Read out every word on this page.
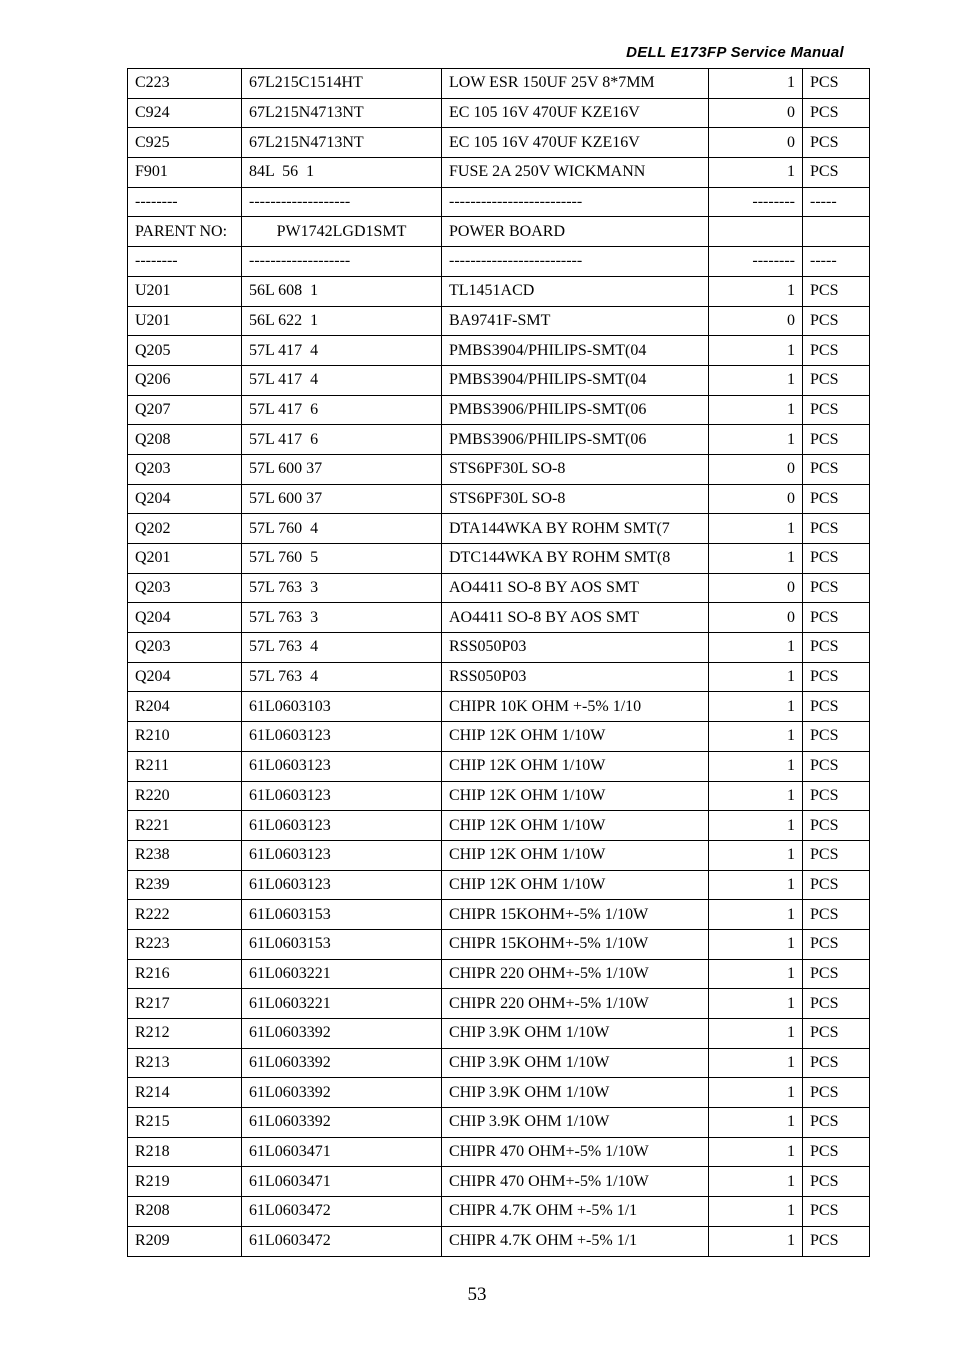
DELL E173FP Service Manual
C223	67L215C1514HT	LOW ESR 150UF 25V 8*7MM	1	PCS
C924	67L215N4713NT	EC 105 16V 470UF KZE16V	0	PCS
C925	67L215N4713NT	EC 105 16V 470UF KZE16V	0	PCS
F901	84L  56  1	FUSE 2A 250V WICKMANN	1	PCS
--------	-------------------	-------------------------	--------	-----
PARENT NO:	PW1742LGD1SMT	POWER BOARD		
--------	-------------------	-------------------------	--------	-----
U201	56L 608  1	TL1451ACD	1	PCS
U201	56L 622  1	BA9741F-SMT	0	PCS
Q205	57L 417  4	PMBS3904/PHILIPS-SMT(04	1	PCS
Q206	57L 417  4	PMBS3904/PHILIPS-SMT(04	1	PCS
Q207	57L 417  6	PMBS3906/PHILIPS-SMT(06	1	PCS
Q208	57L 417  6	PMBS3906/PHILIPS-SMT(06	1	PCS
Q203	57L 600 37	STS6PF30L SO-8	0	PCS
Q204	57L 600 37	STS6PF30L SO-8	0	PCS
Q202	57L 760  4	DTA144WKA BY ROHM SMT(7	1	PCS
Q201	57L 760  5	DTC144WKA BY ROHM SMT(8	1	PCS
Q203	57L 763  3	AO4411 SO-8 BY AOS SMT	0	PCS
Q204	57L 763  3	AO4411 SO-8 BY AOS SMT	0	PCS
Q203	57L 763  4	RSS050P03	1	PCS
Q204	57L 763  4	RSS050P03	1	PCS
R204	61L0603103	CHIPR 10K OHM +-5% 1/10	1	PCS
R210	61L0603123	CHIP 12K OHM 1/10W	1	PCS
R211	61L0603123	CHIP 12K OHM 1/10W	1	PCS
R220	61L0603123	CHIP 12K OHM 1/10W	1	PCS
R221	61L0603123	CHIP 12K OHM 1/10W	1	PCS
R238	61L0603123	CHIP 12K OHM 1/10W	1	PCS
R239	61L0603123	CHIP 12K OHM 1/10W	1	PCS
R222	61L0603153	CHIPR 15KOHM+-5% 1/10W	1	PCS
R223	61L0603153	CHIPR 15KOHM+-5% 1/10W	1	PCS
R216	61L0603221	CHIPR 220 OHM+-5% 1/10W	1	PCS
R217	61L0603221	CHIPR 220 OHM+-5% 1/10W	1	PCS
R212	61L0603392	CHIP 3.9K OHM 1/10W	1	PCS
R213	61L0603392	CHIP 3.9K OHM 1/10W	1	PCS
R214	61L0603392	CHIP 3.9K OHM 1/10W	1	PCS
R215	61L0603392	CHIP 3.9K OHM 1/10W	1	PCS
R218	61L0603471	CHIPR 470 OHM+-5% 1/10W	1	PCS
R219	61L0603471	CHIPR 470 OHM+-5% 1/10W	1	PCS
R208	61L0603472	CHIPR 4.7K OHM +-5% 1/1	1	PCS
R209	61L0603472	CHIPR 4.7K OHM +-5% 1/1	1	PCS
53
